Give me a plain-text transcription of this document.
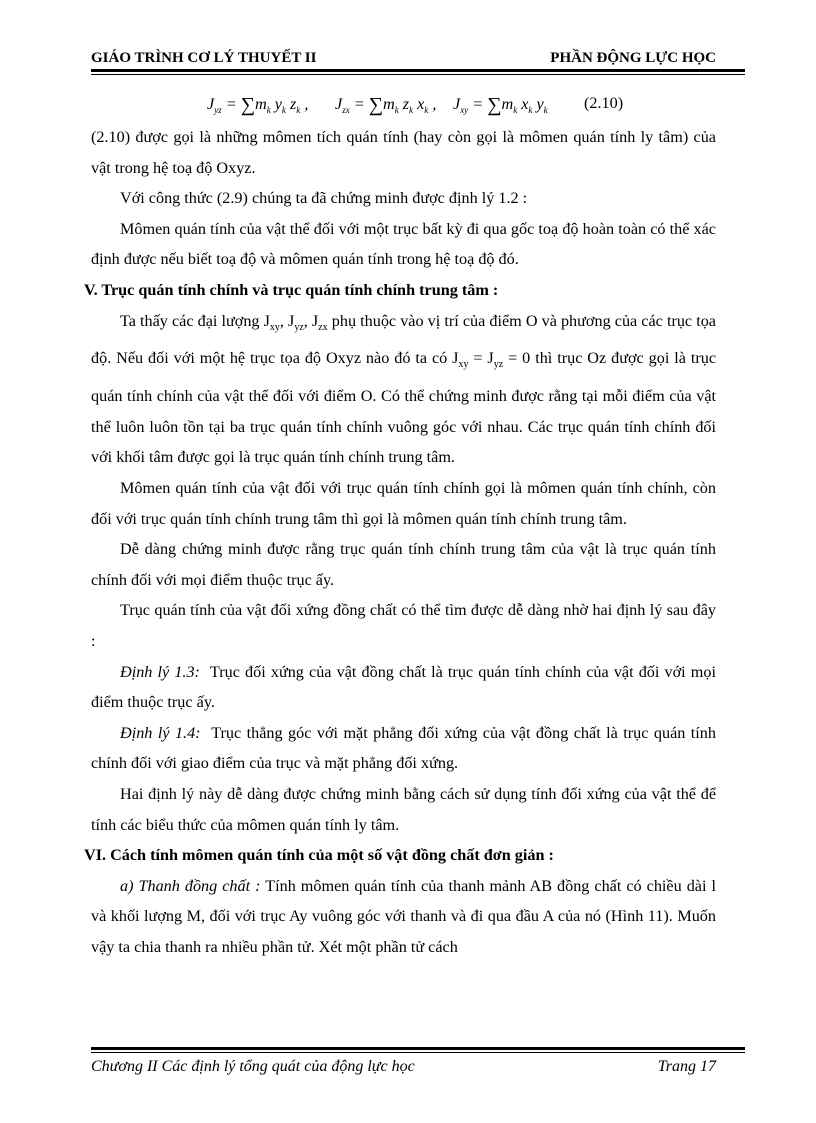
GIÁO TRÌNH CƠ LÝ THUYẾT II	PHẦN ĐỘNG LỰC HỌC
$J_{yz} = \sum m_k$ $y_k$ $z_k$ , $J_{zx} = \sum m_k$ $z_k$ $x_k$ , $J_{xy} = \sum m_k$ $x_k$ $y_k$ (2.10)

(2.10) được gọi là những mômen tích quán tính (hay còn gọi là mômen quán tính ly tâm) của vật trong hệ toạ độ Oxyz.

Với công thức (2.9) chúng ta đã chứng minh được định lý 1.2 :

Mômen quán tính của vật thể đối với một trục bất kỳ đi qua gốc toạ độ hoàn toàn có thể xác định được nếu biết toạ độ và mômen quán tính trong hệ toạ độ đó.

V. Trục quán tính chính và trục quán tính chính trung tâm :

Ta thấy các đại lượng $J_{xy}$, $J_{yz}$, $J_{zx}$ phụ thuộc vào vị trí của điểm O và phương của các trục tọa độ. Nếu đối với một hệ trục tọa độ Oxyz nào đó ta có $J_{xy} = J_{yz} = 0$ thì trục Oz được gọi là trục quán tính chính của vật thể đối với điểm O. Có thể chứng minh được rằng tại mỗi điểm của vật thể luôn luôn tồn tại ba trục quán tính chính vuông góc với nhau. Các trục quán tính chính đối với khối tâm được gọi là trục quán tính chính trung tâm.

Mômen quán tính của vật đối với trục quán tính chính gọi là mômen quán tính chính, còn đối với trục quán tính chính trung tâm thì gọi là mômen quán tính chính trung tâm.

Dễ dàng chứng minh được rằng trục quán tính chính trung tâm của vật là trục quán tính chính đối với mọi điểm thuộc trục ấy.

Trục quán tính của vật đối xứng đồng chất có thể tìm được dễ dàng nhờ hai định lý sau đây :

Định lý 1.3: Trục đối xứng của vật đồng chất là trục quán tính chính của vật đối với mọi điểm thuộc trục ấy.

Định lý 1.4: Trục thẳng góc với mặt phẳng đối xứng của vật đồng chất là trục quán tính chính đối với giao điểm của trục và mặt phẳng đối xứng.

Hai định lý này dễ dàng được chứng minh bằng cách sử dụng tính đối xứng của vật thể để tính các biểu thức của mômen quán tính ly tâm.

VI. Cách tính mômen quán tính của một số vật đồng chất đơn giản :

a) Thanh đồng chất : Tính mômen quán tính của thanh mảnh AB đồng chất có chiều dài l và khối lượng M, đối với trục Ay vuông góc với thanh và đi qua đầu A của nó (Hình 11). Muốn vậy ta chia thanh ra nhiều phần tử. Xét một phần tử cách

Chương II Các định lý tổng quát của động lực học	Trang 17
